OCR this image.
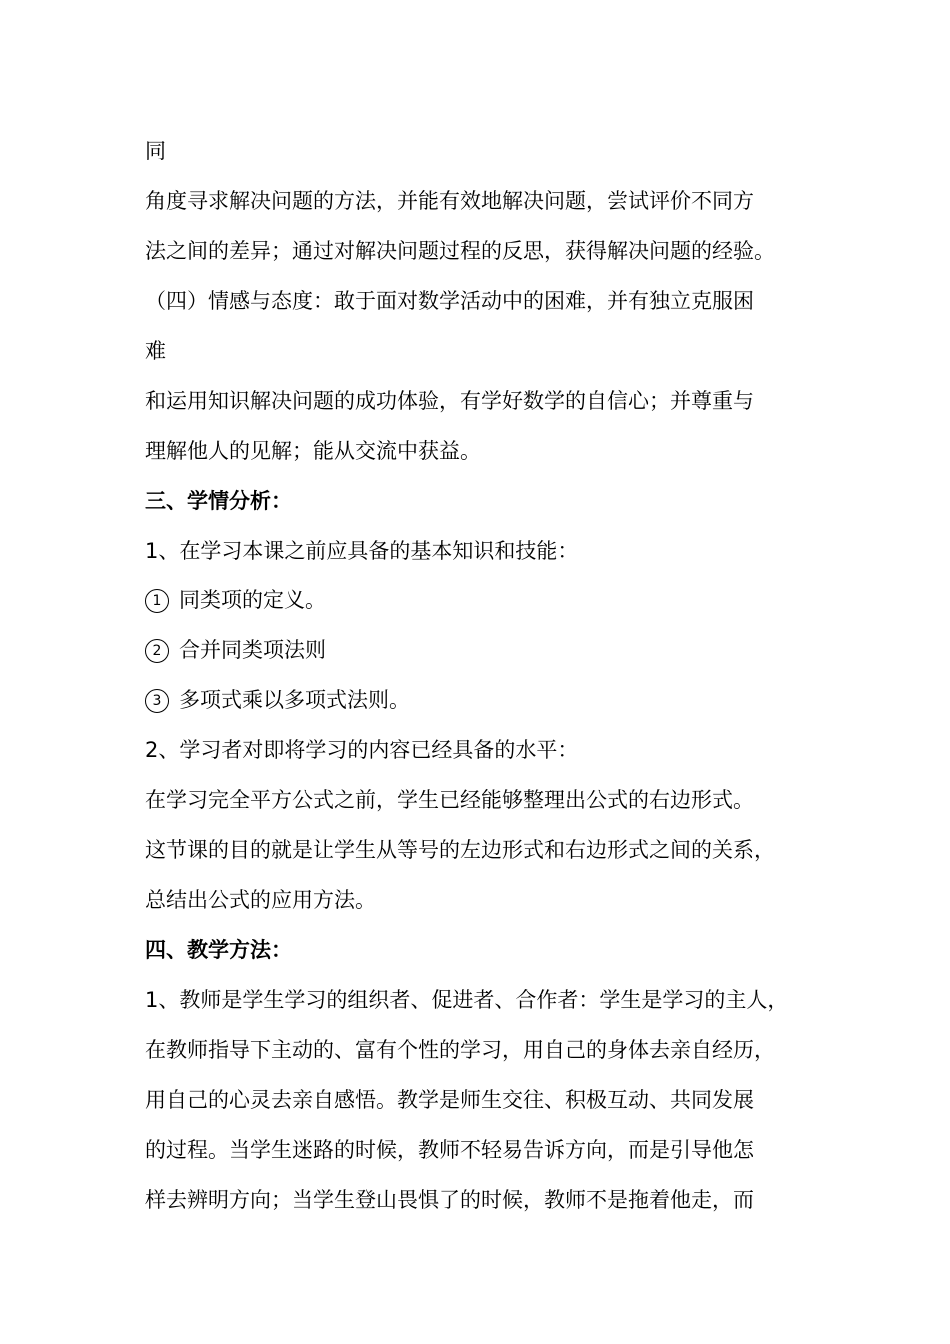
同
角度寻求解决问题的方法，并能有效地解决问题，尝试评价不同方
法之间的差异；通过对解决问题过程的反思，获得解决问题的经验。
（四）情感与态度：敢于面对数学活动中的困难，并有独立克服困
难
和运用知识解决问题的成功体验，有学好数学的自信心；并尊重与
理解他人的见解；能从交流中获益。
三、学情分析：
1、在学习本课之前应具备的基本知识和技能：
1 同类项的定义。
2 合并同类项法则
3 多项式乘以多项式法则。
2、学习者对即将学习的内容已经具备的水平：
在学习完全平方公式之前，学生已经能够整理出公式的右边形式。
这节课的目的就是让学生从等号的左边形式和右边形式之间的关系，
总结出公式的应用方法。
四、教学方法：
1、教师是学生学习的组织者、促进者、合作者：学生是学习的主人，
在教师指导下主动的、富有个性的学习，用自己的身体去亲自经历，
用自己的心灵去亲自感悟。教学是师生交往、积极互动、共同发展
的过程。当学生迷路的时候，教师不轻易告诉方向，而是引导他怎
样去辨明方向；当学生登山畏惧了的时候，教师不是拖着他走，而
